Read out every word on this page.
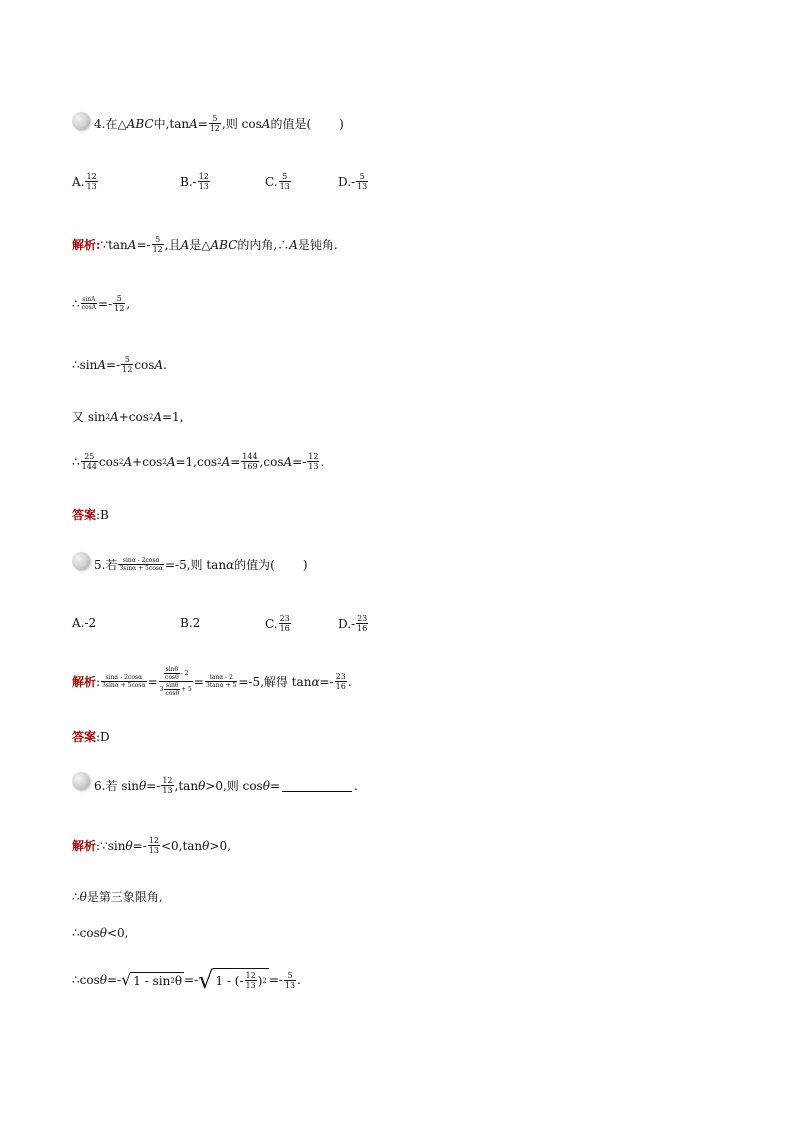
4. 在△ ABC 中,tan $A = \frac{5}{12}$ ,则 cos A 的值是( )
A. $\frac{12}{13}$	B. - $\frac{12}{13}$	C. $\frac{5}{13}$	D. - $\frac{5}{13}$
解析: ∵tan $A =- \frac{5}{12}$ ,且 A 是△ ABC 的内角,∴ A 是钝角.
∴ $\frac{\sin A}{\cos A} =- \frac{5}{12}$ ,
∴sin $A =- \frac{5}{12}$ cos A .
又 sin 2 A +cos 2 A =1,
∴ $\frac{25}{144}$ cos 2 A +cos 2 A =1,cos 2 $A = \frac{144}{169} ,\cos$ $A =- \frac{12}{13}$ .
答案 :B
5. 若 $\frac{\sin\alpha - 2\cos\alpha}{3\sin\alpha + 5\cos\alpha} =-5$,则 tan α 的值为( )
A. -2	B. 2	C. $\frac{23}{16}$	D. - $\frac{23}{16}$
解析 : $\frac{\sin\alpha - 2\cos\alpha}{3\sin\alpha + 5\cos\alpha} = \frac{\frac{\sin\theta}{\cos\theta} - 2}{3 \frac{\sin\theta}{\cos\theta} + 5} = \frac{\tan\alpha - 2}{3\tan\alpha + 5} =-5$,解得 $\tan \alpha =- \frac{23}{16}$ .
答案 :D
6. 若 $\sin \theta =- \frac{12}{13} ,\tan$ θ >0,则 cos θ =	.
解析 :∵sin $\theta =- \frac{12}{13} <0,\tan$ θ >0,
∴ θ 是第三象限角,
∴cos θ <0,
∴cos θ =- √ 1 - sin 2 θ =- √ 1 - ( - $\frac{12}{13}$ ) $2 =- \frac{5}{13}$ .
